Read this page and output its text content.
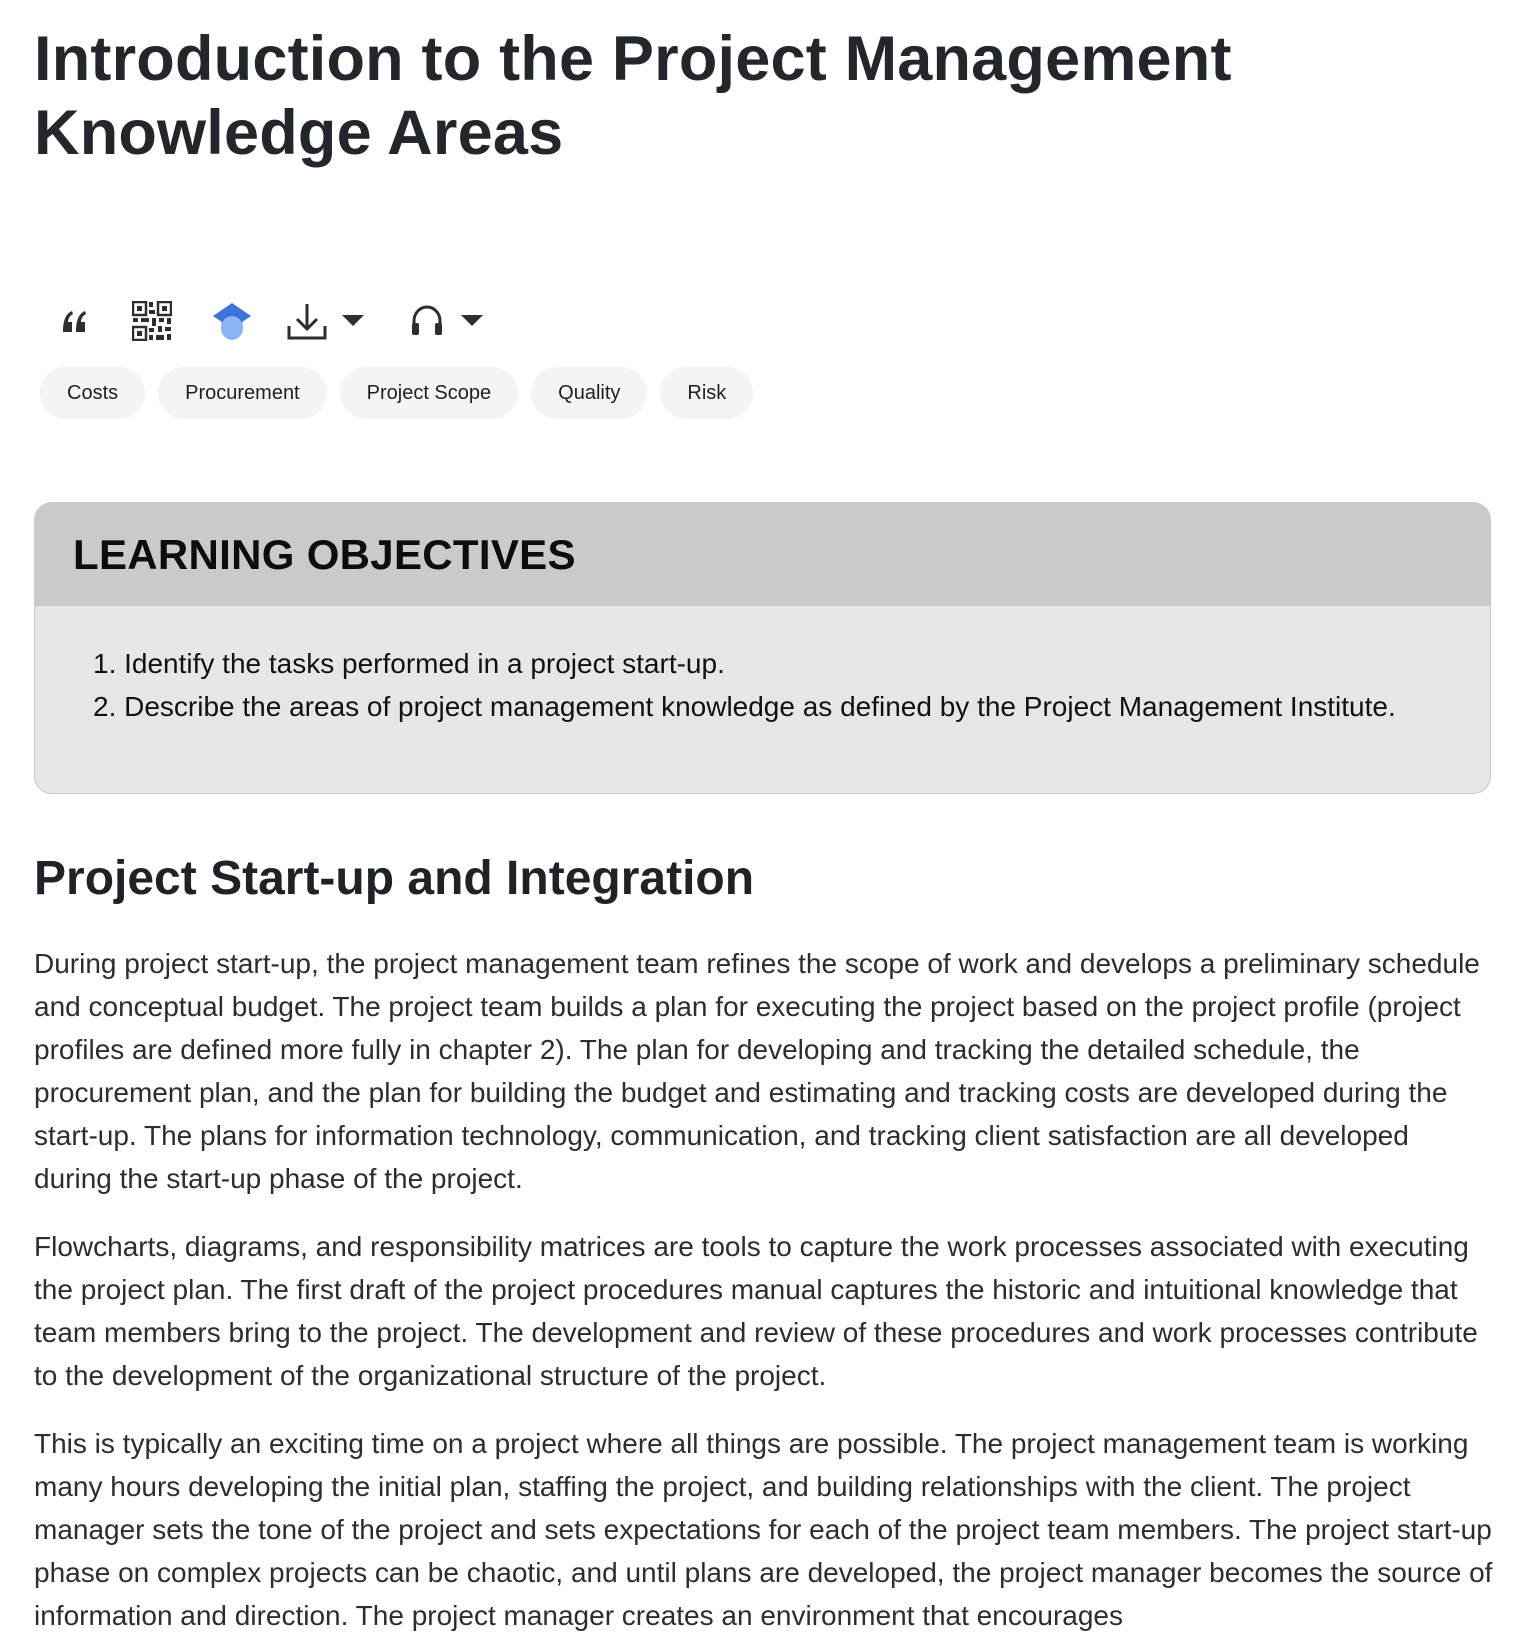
Introduction to the Project Management Knowledge Areas
Costs	Procurement	Project Scope	Quality	Risk
LEARNING OBJECTIVES
1. Identify the tasks performed in a project start-up.
2. Describe the areas of project management knowledge as defined by the Project Management Institute.
Project Start-up and Integration

During project start-up, the project management team refines the scope of work and develops a preliminary schedule and conceptual budget. The project team builds a plan for executing the project based on the project profile (project profiles are defined more fully in chapter 2). The plan for developing and tracking the detailed schedule, the procurement plan, and the plan for building the budget and estimating and tracking costs are developed during the start-up. The plans for information technology, communication, and tracking client satisfaction are all developed during the start-up phase of the project.

Flowcharts, diagrams, and responsibility matrices are tools to capture the work processes associated with executing the project plan. The first draft of the project procedures manual captures the historic and intuitional knowledge that team members bring to the project. The development and review of these procedures and work processes contribute to the development of the organizational structure of the project.

This is typically an exciting time on a project where all things are possible. The project management team is working many hours developing the initial plan, staffing the project, and building relationships with the client. The project manager sets the tone of the project and sets expectations for each of the project team members. The project start-up phase on complex projects can be chaotic, and until plans are developed, the project manager becomes the source of information and direction. The project manager creates an environment that encourages
